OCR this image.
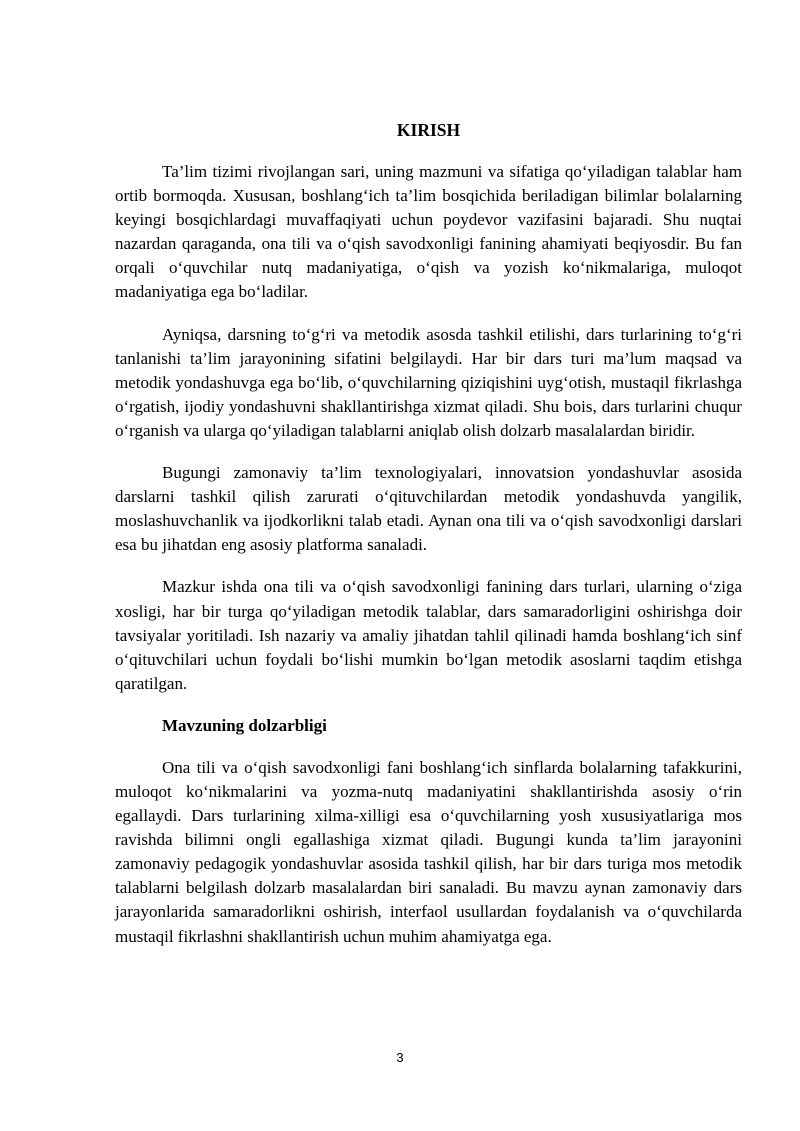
KIRISH

Ta’lim tizimi rivojlangan sari, uning mazmuni va sifatiga qo‘yiladigan talablar ham ortib bormoqda. Xususan, boshlang‘ich ta’lim bosqichida beriladigan bilimlar bolalarning keyingi bosqichlardagi muvaffaqiyati uchun poydevor vazifasini bajaradi. Shu nuqtai nazardan qaraganda, ona tili va o‘qish savodxonligi fanining ahamiyati beqiyosdir. Bu fan orqali o‘quvchilar nutq madaniyatiga, o‘qish va yozish ko‘nikmalariga, muloqot madaniyatiga ega bo‘ladilar.

Ayniqsa, darsning to‘g‘ri va metodik asosda tashkil etilishi, dars turlarining to‘g‘ri tanlanishi ta’lim jarayonining sifatini belgilaydi. Har bir dars turi ma’lum maqsad va metodik yondashuvga ega bo‘lib, o‘quvchilarning qiziqishini uyg‘otish, mustaqil fikrlashga o‘rgatish, ijodiy yondashuvni shakllantirishga xizmat qiladi. Shu bois, dars turlarini chuqur o‘rganish va ularga qo‘yiladigan talablarni aniqlab olish dolzarb masalalardan biridir.

Bugungi zamonaviy ta’lim texnologiyalari, innovatsion yondashuvlar asosida darslarni tashkil qilish zarurati o‘qituvchilardan metodik yondashuvda yangilik, moslashuvchanlik va ijodkorlikni talab etadi. Aynan ona tili va o‘qish savodxonligi darslari esa bu jihatdan eng asosiy platforma sanaladi.

Mazkur ishda ona tili va o‘qish savodxonligi fanining dars turlari, ularning o‘ziga xosligi, har bir turga qo‘yiladigan metodik talablar, dars samaradorligini oshirishga doir tavsiyalar yoritiladi. Ish nazariy va amaliy jihatdan tahlil qilinadi hamda boshlang‘ich sinf o‘qituvchilari uchun foydali bo‘lishi mumkin bo‘lgan metodik asoslarni taqdim etishga qaratilgan.

Mavzuning dolzarbligi

Ona tili va o‘qish savodxonligi fani boshlang‘ich sinflarda bolalarning tafakkurini, muloqot ko‘nikmalarini va yozma-nutq madaniyatini shakllantirishda asosiy o‘rin egallaydi. Dars turlarining xilma-xilligi esa o‘quvchilarning yosh xususiyatlariga mos ravishda bilimni ongli egallashiga xizmat qiladi. Bugungi kunda ta’lim jarayonini zamonaviy pedagogik yondashuvlar asosida tashkil qilish, har bir dars turiga mos metodik talablarni belgilash dolzarb masalalardan biri sanaladi. Bu mavzu aynan zamonaviy dars jarayonlarida samaradorlikni oshirish, interfaol usullardan foydalanish va o‘quvchilarda mustaqil fikrlashni shakllantirish uchun muhim ahamiyatga ega.

3
